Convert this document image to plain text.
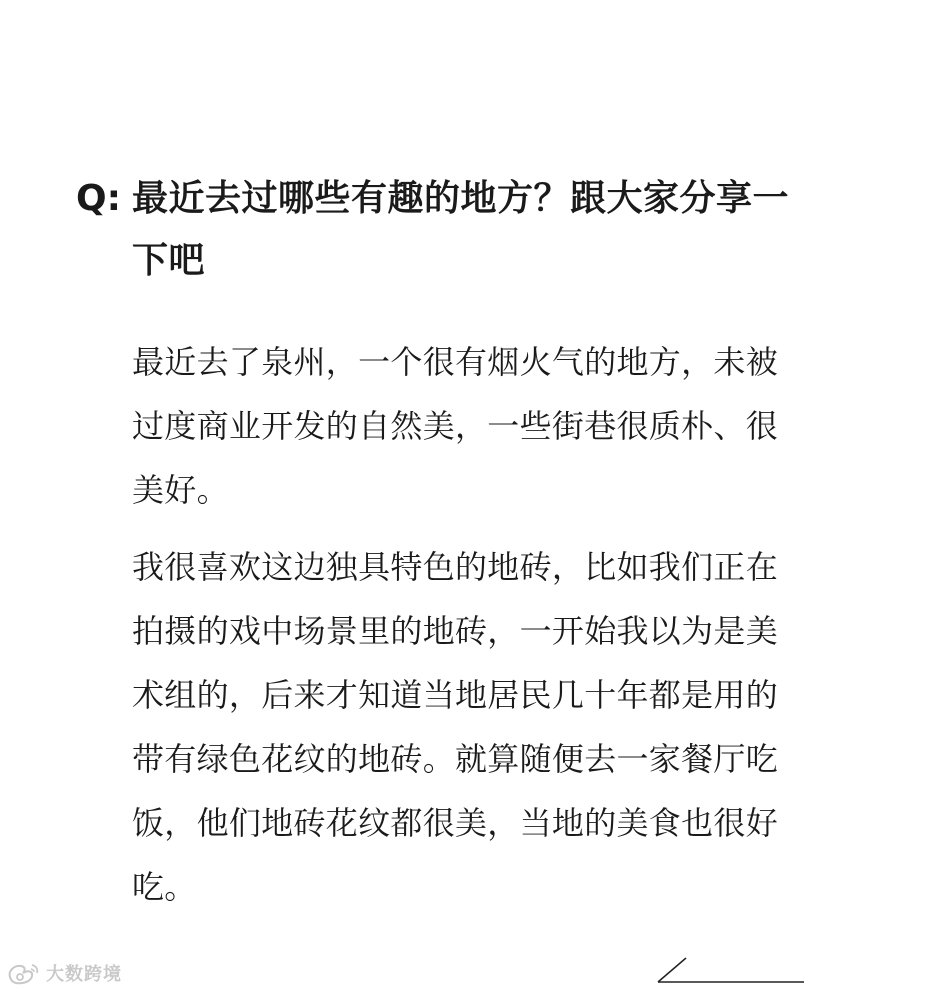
Q: 最近去过哪些有趣的地方？跟大家分享一下吧

最近去了泉州，一个很有烟火气的地方，未被过度商业开发的自然美，一些街巷很质朴、很美好。

我很喜欢这边独具特色的地砖，比如我们正在拍摄的戏中场景里的地砖，一开始我以为是美术组的，后来才知道当地居民几十年都是用的带有绿色花纹的地砖。就算随便去一家餐厅吃饭，他们地砖花纹都很美，当地的美食也很好吃。

大数跨境
